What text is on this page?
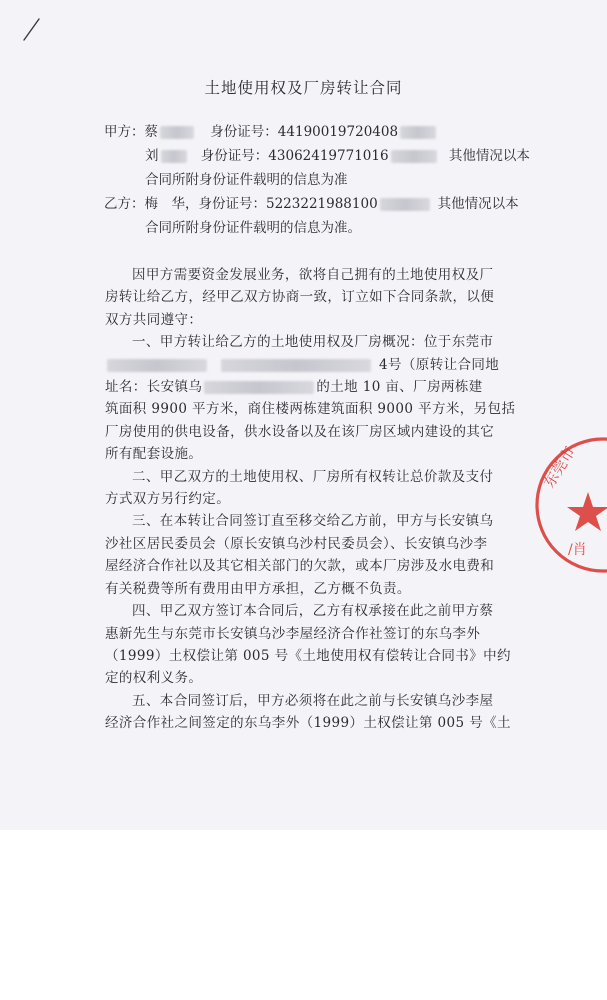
土地使用权及厂房转让合同
甲方：蔡	身份证号：44190019720408
刘	身份证号：43062419771016	其他情况以本
合同所附身份证件载明的信息为准
乙方：梅　华，身份证号：5223221988100	其他情况以本
合同所附身份证件载明的信息为准。

因甲方需要资金发展业务，欲将自己拥有的土地使用权及厂

房转让给乙方，经甲乙双方协商一致，订立如下合同条款，以便

双方共同遵守：

一、甲方转让给乙方的土地使用权及厂房概况：位于东莞市

4号（原转让合同地

址名：长安镇乌	的土地 10 亩、厂房两栋建

筑面积 9900 平方米，商住楼两栋建筑面积 9000 平方米，另包括

厂房使用的供电设备，供水设备以及在该厂房区域内建设的其它

所有配套设施。

二、甲乙双方的土地使用权、厂房所有权转让总价款及支付

方式双方另行约定。

三、在本转让合同签订直至移交给乙方前，甲方与长安镇乌

沙社区居民委员会（原长安镇乌沙村民委员会）、长安镇乌沙李

屋经济合作社以及其它相关部门的欠款，或本厂房涉及水电费和

有关税费等所有费用由甲方承担，乙方概不负责。

四、甲乙双方签订本合同后，乙方有权承接在此之前甲方蔡

惠新先生与东莞市长安镇乌沙李屋经济合作社签订的东乌李外

（1999）土权偿让第 005 号《土地使用权有偿转让合同书》中约

定的权利义务。

五、本合同签订后，甲方必须将在此之前与长安镇乌沙李屋

经济合作社之间签定的东乌李外（1999）土权偿让第 005 号《土

东莞市
/肖
